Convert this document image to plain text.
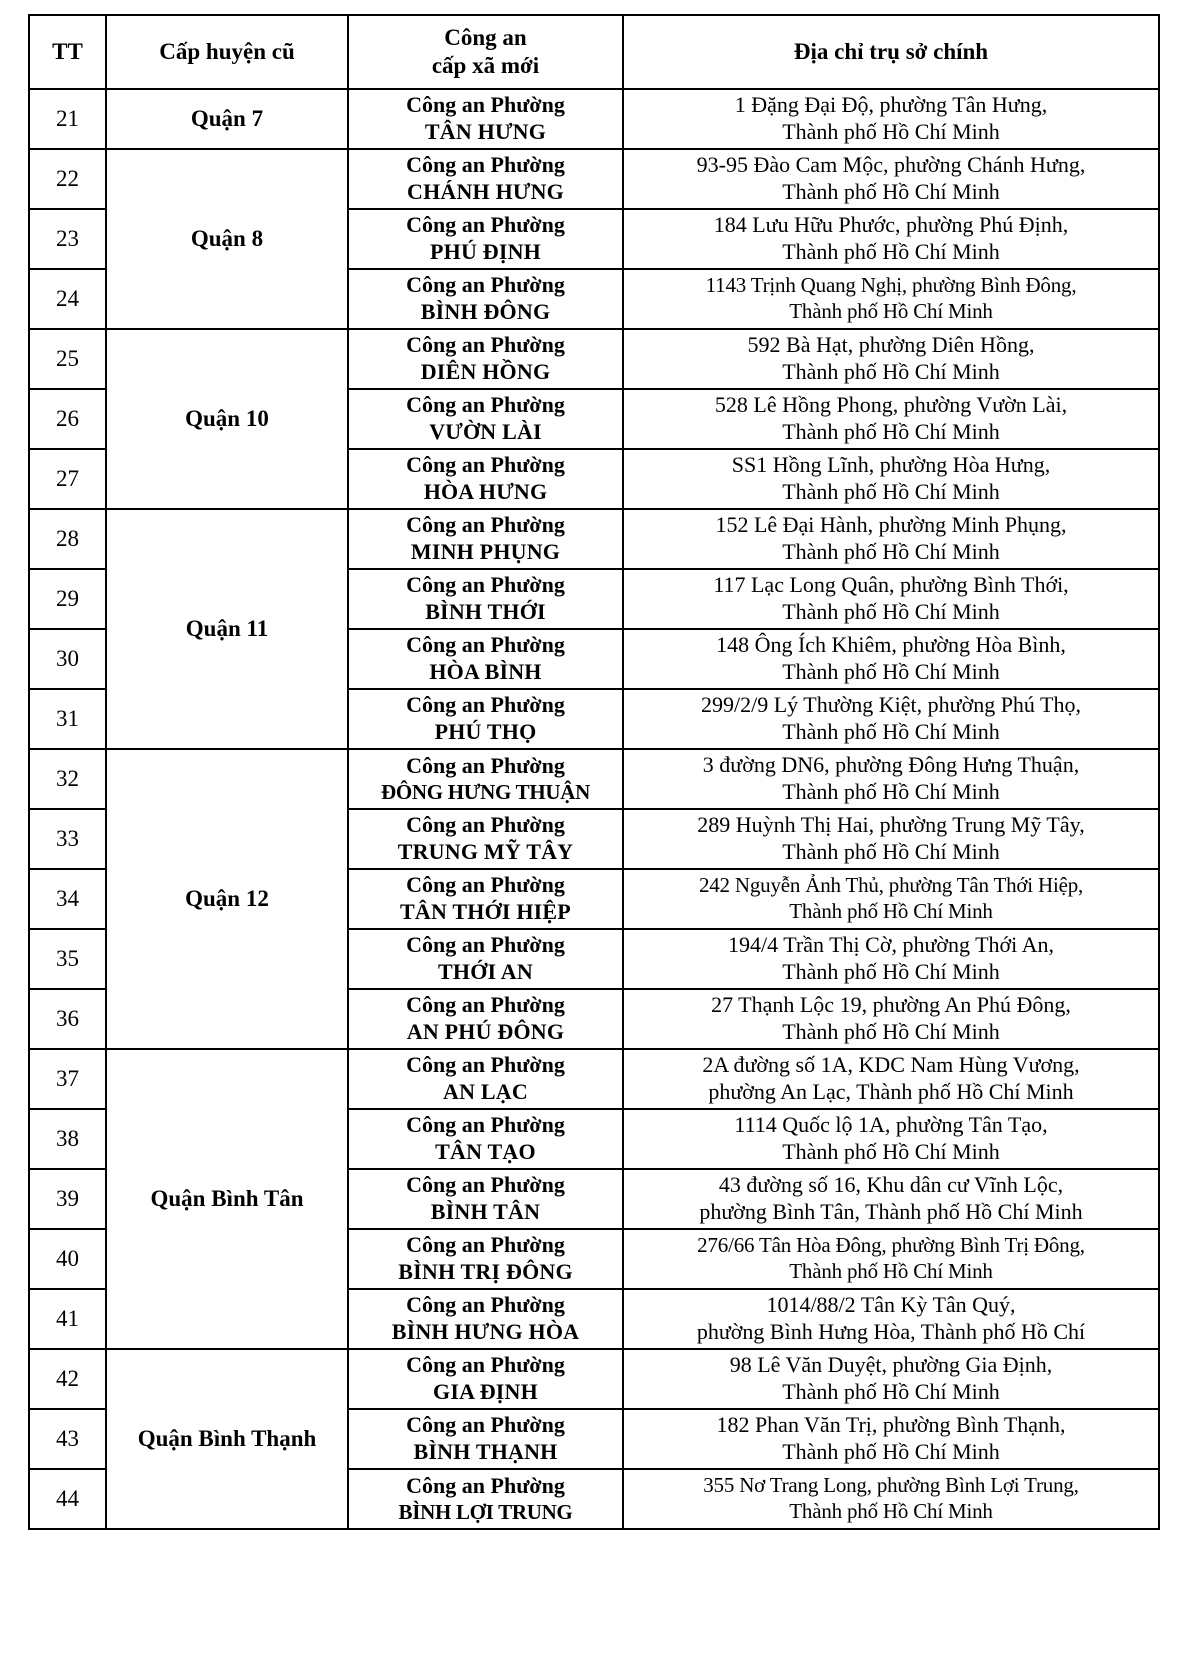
TT	Cấp huyện cũ	Công an
cấp xã mới	Địa chỉ trụ sở chính
21	Quận 7	Công an Phường
TÂN HƯNG	1 Đặng Đại Độ, phường Tân Hưng,
Thành phố Hồ Chí Minh

22	Quận 8	Công an Phường
CHÁNH HƯNG	93-95 Đào Cam Mộc, phường Chánh Hưng,
Thành phố Hồ Chí Minh

23		Công an Phường
PHÚ ĐỊNH	184 Lưu Hữu Phước, phường Phú Định,
Thành phố Hồ Chí Minh

24		Công an Phường
BÌNH ĐÔNG	1143 Trịnh Quang Nghị, phường Bình Đông,
Thành phố Hồ Chí Minh

25	Quận 10	Công an Phường
DIÊN HỒNG	592 Bà Hạt, phường Diên Hồng,
Thành phố Hồ Chí Minh

26		Công an Phường
VƯỜN LÀI	528 Lê Hồng Phong, phường Vườn Lài,
Thành phố Hồ Chí Minh

27		Công an Phường
HÒA HƯNG	SS1 Hồng Lĩnh, phường Hòa Hưng,
Thành phố Hồ Chí Minh

28	Quận 11	Công an Phường
MINH PHỤNG	152 Lê Đại Hành, phường Minh Phụng,
Thành phố Hồ Chí Minh

29		Công an Phường
BÌNH THỚI	117 Lạc Long Quân, phường Bình Thới,
Thành phố Hồ Chí Minh

30		Công an Phường
HÒA BÌNH	148 Ông Ích Khiêm, phường Hòa Bình,
Thành phố Hồ Chí Minh

31		Công an Phường
PHÚ THỌ	299/2/9 Lý Thường Kiệt, phường Phú Thọ,
Thành phố Hồ Chí Minh

32	Quận 12	Công an Phường
ĐÔNG HƯNG THUẬN	3 đường DN6, phường Đông Hưng Thuận,
Thành phố Hồ Chí Minh

33		Công an Phường
TRUNG MỸ TÂY	289 Huỳnh Thị Hai, phường Trung Mỹ Tây,
Thành phố Hồ Chí Minh

34		Công an Phường
TÂN THỚI HIỆP	242 Nguyễn Ảnh Thủ, phường Tân Thới Hiệp,
Thành phố Hồ Chí Minh

35		Công an Phường
THỚI AN	194/4 Trần Thị Cờ, phường Thới An,
Thành phố Hồ Chí Minh

36		Công an Phường
AN PHÚ ĐÔNG	27 Thạnh Lộc 19, phường An Phú Đông,
Thành phố Hồ Chí Minh

37	Quận Bình Tân	Công an Phường
AN LẠC	2A đường số 1A, KDC Nam Hùng Vương,
phường An Lạc, Thành phố Hồ Chí Minh

38		Công an Phường
TÂN TẠO	1114 Quốc lộ 1A, phường Tân Tạo,
Thành phố Hồ Chí Minh

39		Công an Phường
BÌNH TÂN	43 đường số 16, Khu dân cư Vĩnh Lộc,
phường Bình Tân, Thành phố Hồ Chí Minh

40		Công an Phường
BÌNH TRỊ ĐÔNG	276/66 Tân Hòa Đông, phường Bình Trị Đông,
Thành phố Hồ Chí Minh

41		Công an Phường
BÌNH HƯNG HÒA	1014/88/2 Tân Kỳ Tân Quý,
phường Bình Hưng Hòa, Thành phố Hồ Chí

42	Quận Bình Thạnh	Công an Phường
GIA ĐỊNH	98 Lê Văn Duyệt, phường Gia Định,
Thành phố Hồ Chí Minh

43		Công an Phường
BÌNH THẠNH	182 Phan Văn Trị, phường Bình Thạnh,
Thành phố Hồ Chí Minh

44		Công an Phường
BÌNH LỢI TRUNG	355 Nơ Trang Long, phường Bình Lợi Trung,
Thành phố Hồ Chí Minh
